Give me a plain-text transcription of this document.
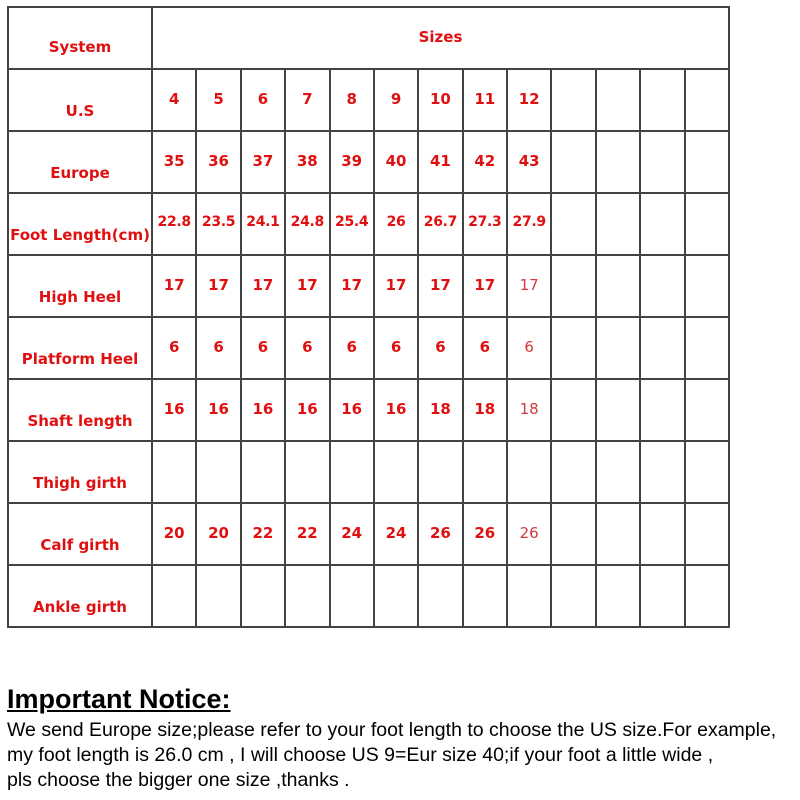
System	Sizes												
U.S	4	5	6	7	8	9	10	11	12				
Europe	35	36	37	38	39	40	41	42	43				
Foot Length(cm)	22.8	23.5	24.1	24.8	25.4	26	26.7	27.3	27.9				
High Heel	17	17	17	17	17	17	17	17	17				
Platform Heel	6	6	6	6	6	6	6	6	6				
Shaft length	16	16	16	16	16	16	18	18	18				
Thigh girth													
Calf girth	20	20	22	22	24	24	26	26	26				
Ankle girth													
Important Notice:
We send Europe size;please refer to your foot length to choose the US size.For example,
my foot length is 26.0 cm , I will choose US 9=Eur size 40;if your foot a little wide ,
pls choose the bigger one size ,thanks .
